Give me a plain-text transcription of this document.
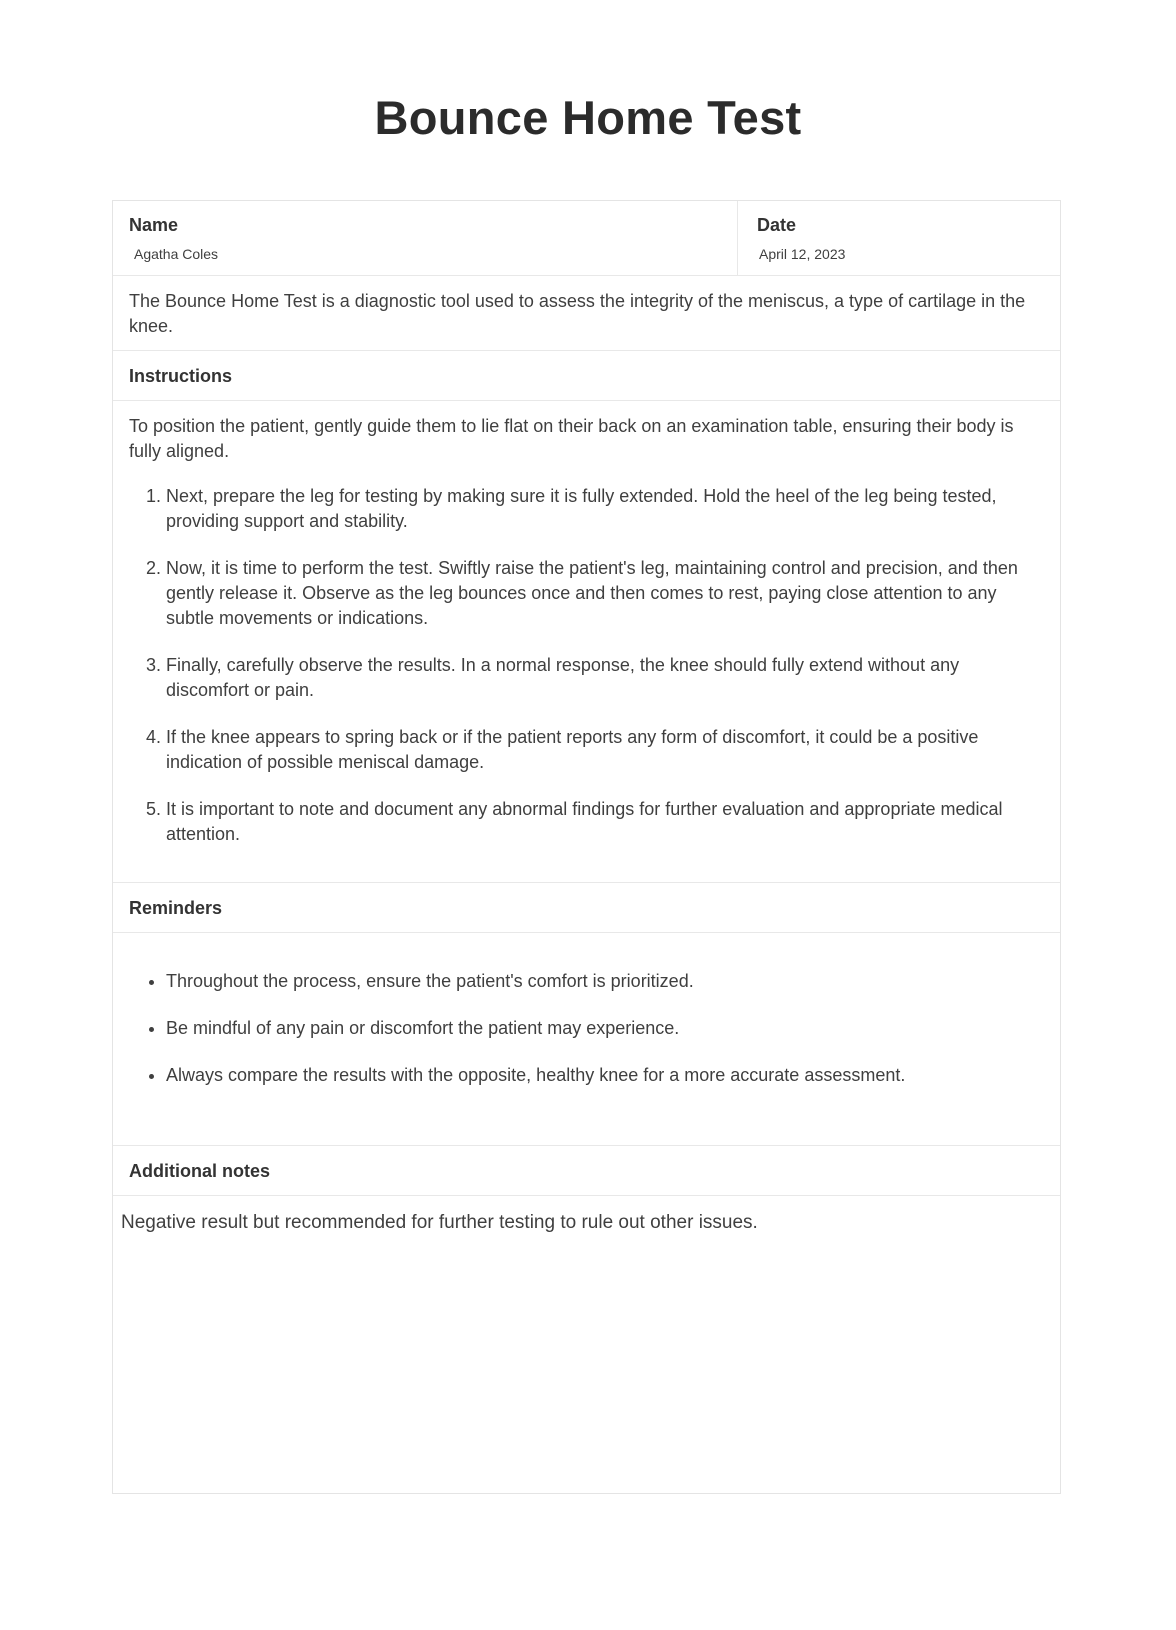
Bounce Home Test
Name
Agatha Coles
Date
April 12, 2023
The Bounce Home Test is a diagnostic tool used to assess the integrity of the meniscus, a type of cartilage in the knee.
Instructions

To position the patient, gently guide them to lie flat on their back on an examination table, ensuring their body is fully aligned.

1. Next, prepare the leg for testing by making sure it is fully extended. Hold the heel of the leg being tested, providing support and stability.
2. Now, it is time to perform the test. Swiftly raise the patient's leg, maintaining control and precision, and then gently release it. Observe as the leg bounces once and then comes to rest, paying close attention to any subtle movements or indications.
3. Finally, carefully observe the results. In a normal response, the knee should fully extend without any discomfort or pain.
4. If the knee appears to spring back or if the patient reports any form of discomfort, it could be a positive indication of possible meniscal damage.
5. It is important to note and document any abnormal findings for further evaluation and appropriate medical attention.
Reminders
• Throughout the process, ensure the patient's comfort is prioritized.
• Be mindful of any pain or discomfort the patient may experience.
• Always compare the results with the opposite, healthy knee for a more accurate assessment.
Additional notes
Negative result but recommended for further testing to rule out other issues.
